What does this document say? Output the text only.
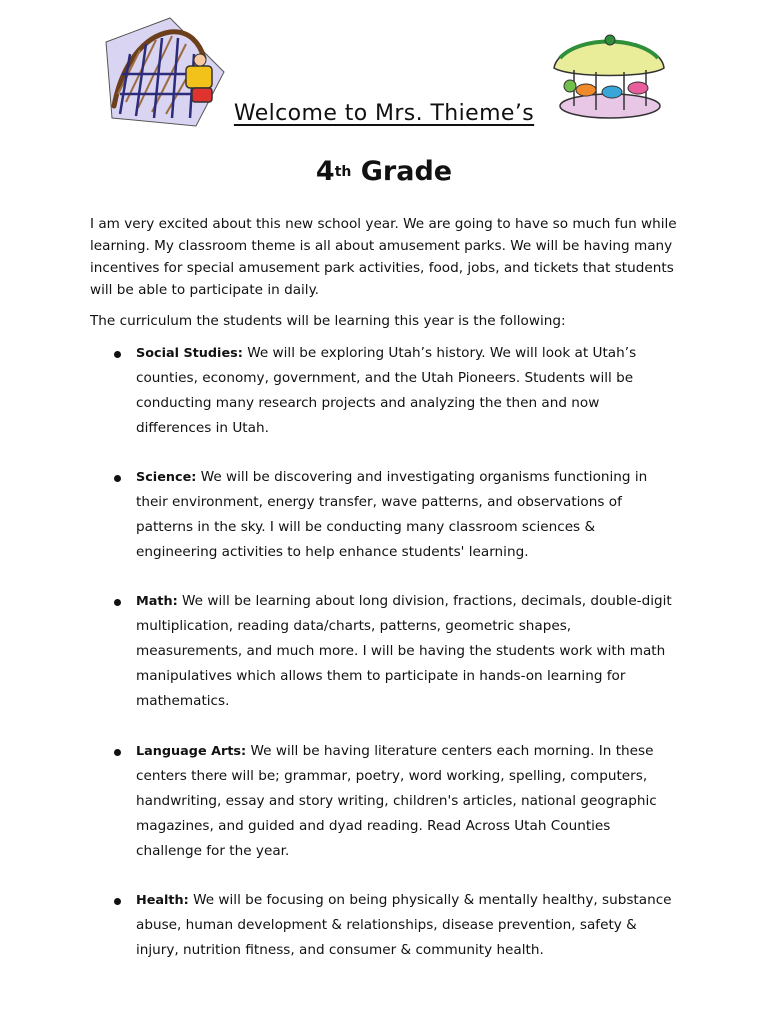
Welcome to Mrs. Thieme’s
4th Grade

I am very excited about this new school year. We are going to have so much fun while learning. My classroom theme is all about amusement parks. We will be having many incentives for special amusement park activities, food, jobs, and tickets that students will be able to participate in daily.

The curriculum the students will be learning this year is the following:

Social Studies: We will be exploring Utah’s history. We will look at Utah’s counties, economy, government, and the Utah Pioneers. Students will be conducting many research projects and analyzing the then and now differences in Utah.
Science: We will be discovering and investigating organisms functioning in their environment, energy transfer, wave patterns, and observations of patterns in the sky. I will be conducting many classroom sciences & engineering activities to help enhance students' learning.
Math: We will be learning about long division, fractions, decimals, double-digit multiplication, reading data/charts, patterns, geometric shapes, measurements, and much more. I will be having the students work with math manipulatives which allows them to participate in hands-on learning for mathematics.
Language Arts: We will be having literature centers each morning. In these centers there will be; grammar, poetry, word working, spelling, computers, handwriting, essay and story writing, children's articles, national geographic magazines, and guided and dyad reading. Read Across Utah Counties challenge for the year.
Health: We will be focusing on being physically & mentally healthy, substance abuse, human development & relationships, disease prevention, safety & injury, nutrition fitness, and consumer & community health.
